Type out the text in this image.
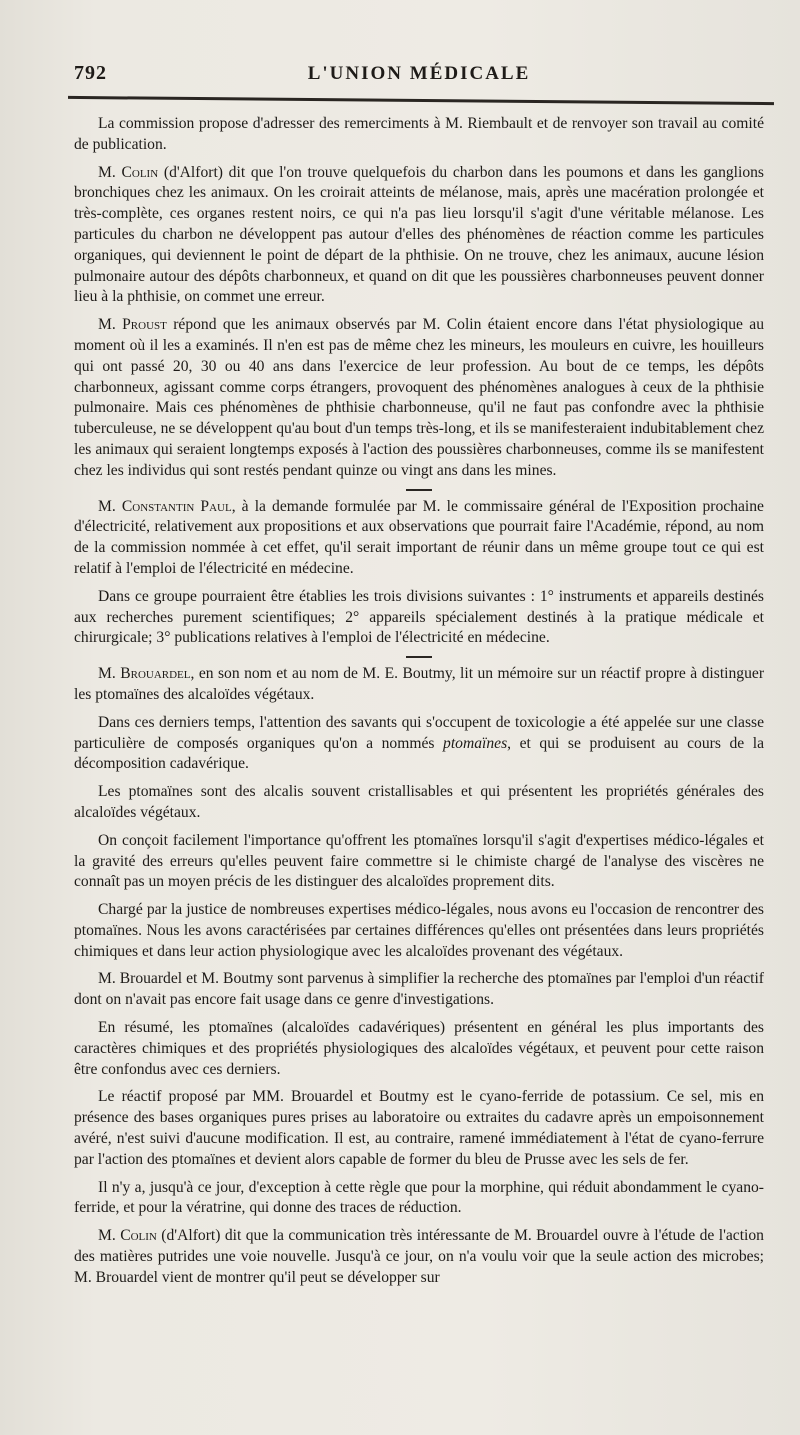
792	L'UNION MÉDICALE

La commission propose d'adresser des remerciments à M. Riembault et de renvoyer son travail au comité de publication.

M. Colin (d'Alfort) dit que l'on trouve quelquefois du charbon dans les poumons et dans les ganglions bronchiques chez les animaux. On les croirait atteints de mélanose, mais, après une macération prolongée et très-complète, ces organes restent noirs, ce qui n'a pas lieu lorsqu'il s'agit d'une véritable mélanose. Les particules du charbon ne développent pas autour d'elles des phénomènes de réaction comme les particules organiques, qui deviennent le point de départ de la phthisie. On ne trouve, chez les animaux, aucune lésion pulmonaire autour des dépôts charbonneux, et quand on dit que les poussières charbonneuses peuvent donner lieu à la phthisie, on commet une erreur.

M. Proust répond que les animaux observés par M. Colin étaient encore dans l'état physiologique au moment où il les a examinés. Il n'en est pas de même chez les mineurs, les mouleurs en cuivre, les houilleurs qui ont passé 20, 30 ou 40 ans dans l'exercice de leur profession. Au bout de ce temps, les dépôts charbonneux, agissant comme corps étrangers, provoquent des phénomènes analogues à ceux de la phthisie pulmonaire. Mais ces phénomènes de phthisie charbonneuse, qu'il ne faut pas confondre avec la phthisie tuberculeuse, ne se développent qu'au bout d'un temps très-long, et ils se manifesteraient indubitablement chez les animaux qui seraient longtemps exposés à l'action des poussières charbonneuses, comme ils se manifestent chez les individus qui sont restés pendant quinze ou vingt ans dans les mines.

M. Constantin Paul, à la demande formulée par M. le commissaire général de l'Exposition prochaine d'électricité, relativement aux propositions et aux observations que pourrait faire l'Académie, répond, au nom de la commission nommée à cet effet, qu'il serait important de réunir dans un même groupe tout ce qui est relatif à l'emploi de l'électricité en médecine.

Dans ce groupe pourraient être établies les trois divisions suivantes : 1° instruments et appareils destinés aux recherches purement scientifiques; 2° appareils spécialement destinés à la pratique médicale et chirurgicale; 3° publications relatives à l'emploi de l'électricité en médecine.

M. Brouardel, en son nom et au nom de M. E. Boutmy, lit un mémoire sur un réactif propre à distinguer les ptomaïnes des alcaloïdes végétaux.

Dans ces derniers temps, l'attention des savants qui s'occupent de toxicologie a été appelée sur une classe particulière de composés organiques qu'on a nommés ptomaïnes, et qui se produisent au cours de la décomposition cadavérique.

Les ptomaïnes sont des alcalis souvent cristallisables et qui présentent les propriétés générales des alcaloïdes végétaux.

On conçoit facilement l'importance qu'offrent les ptomaïnes lorsqu'il s'agit d'expertises médico-légales et la gravité des erreurs qu'elles peuvent faire commettre si le chimiste chargé de l'analyse des viscères ne connaît pas un moyen précis de les distinguer des alcaloïdes proprement dits.

Chargé par la justice de nombreuses expertises médico-légales, nous avons eu l'occasion de rencontrer des ptomaïnes. Nous les avons caractérisées par certaines différences qu'elles ont présentées dans leurs propriétés chimiques et dans leur action physiologique avec les alcaloïdes provenant des végétaux.

M. Brouardel et M. Boutmy sont parvenus à simplifier la recherche des ptomaïnes par l'emploi d'un réactif dont on n'avait pas encore fait usage dans ce genre d'investigations.

En résumé, les ptomaïnes (alcaloïdes cadavériques) présentent en général les plus importants des caractères chimiques et des propriétés physiologiques des alcaloïdes végétaux, et peuvent pour cette raison être confondus avec ces derniers.

Le réactif proposé par MM. Brouardel et Boutmy est le cyano-ferride de potassium. Ce sel, mis en présence des bases organiques pures prises au laboratoire ou extraites du cadavre après un empoisonnement avéré, n'est suivi d'aucune modification. Il est, au contraire, ramené immédiatement à l'état de cyano-ferrure par l'action des ptomaïnes et devient alors capable de former du bleu de Prusse avec les sels de fer.

Il n'y a, jusqu'à ce jour, d'exception à cette règle que pour la morphine, qui réduit abondamment le cyano-ferride, et pour la vératrine, qui donne des traces de réduction.

M. Colin (d'Alfort) dit que la communication très intéressante de M. Brouardel ouvre à l'étude de l'action des matières putrides une voie nouvelle. Jusqu'à ce jour, on n'a voulu voir que la seule action des microbes; M. Brouardel vient de montrer qu'il peut se développer sur
